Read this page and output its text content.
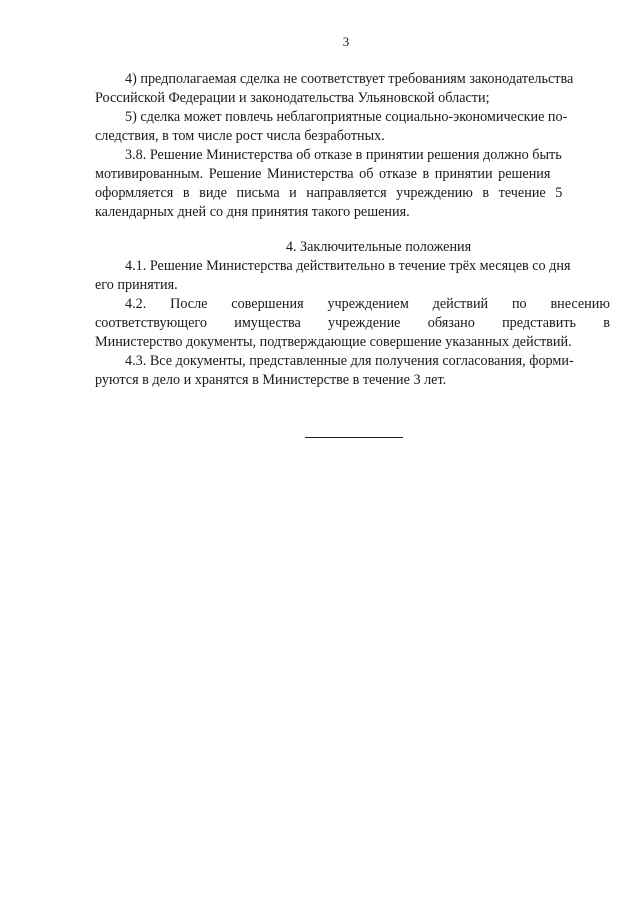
3
4) предполагаемая сделка не соответствует требованиям законодательства
Российской Федерации и законодательства Ульяновской области;
5) сделка может повлечь неблагоприятные социально-экономические по-
следствия, в том числе рост числа безработных.
3.8. Решение Министерства об отказе в принятии решения должно быть
мотивированным. Решение Министерства об отказе в принятии решения
оформляется в виде письма и направляется учреждению в течение 5
календарных дней со дня принятия такого решения.
4. Заключительные положения
4.1. Решение Министерства действительно в течение трёх месяцев со дня
его принятия.
4.2. После совершения учреждением действий по внесению
соответствующего имущества учреждение обязано представить в
Министерство документы, подтверждающие совершение указанных действий.
4.3. Все документы, представленные для получения согласования, форми-
руются в дело и хранятся в Министерстве в течение 3 лет.
